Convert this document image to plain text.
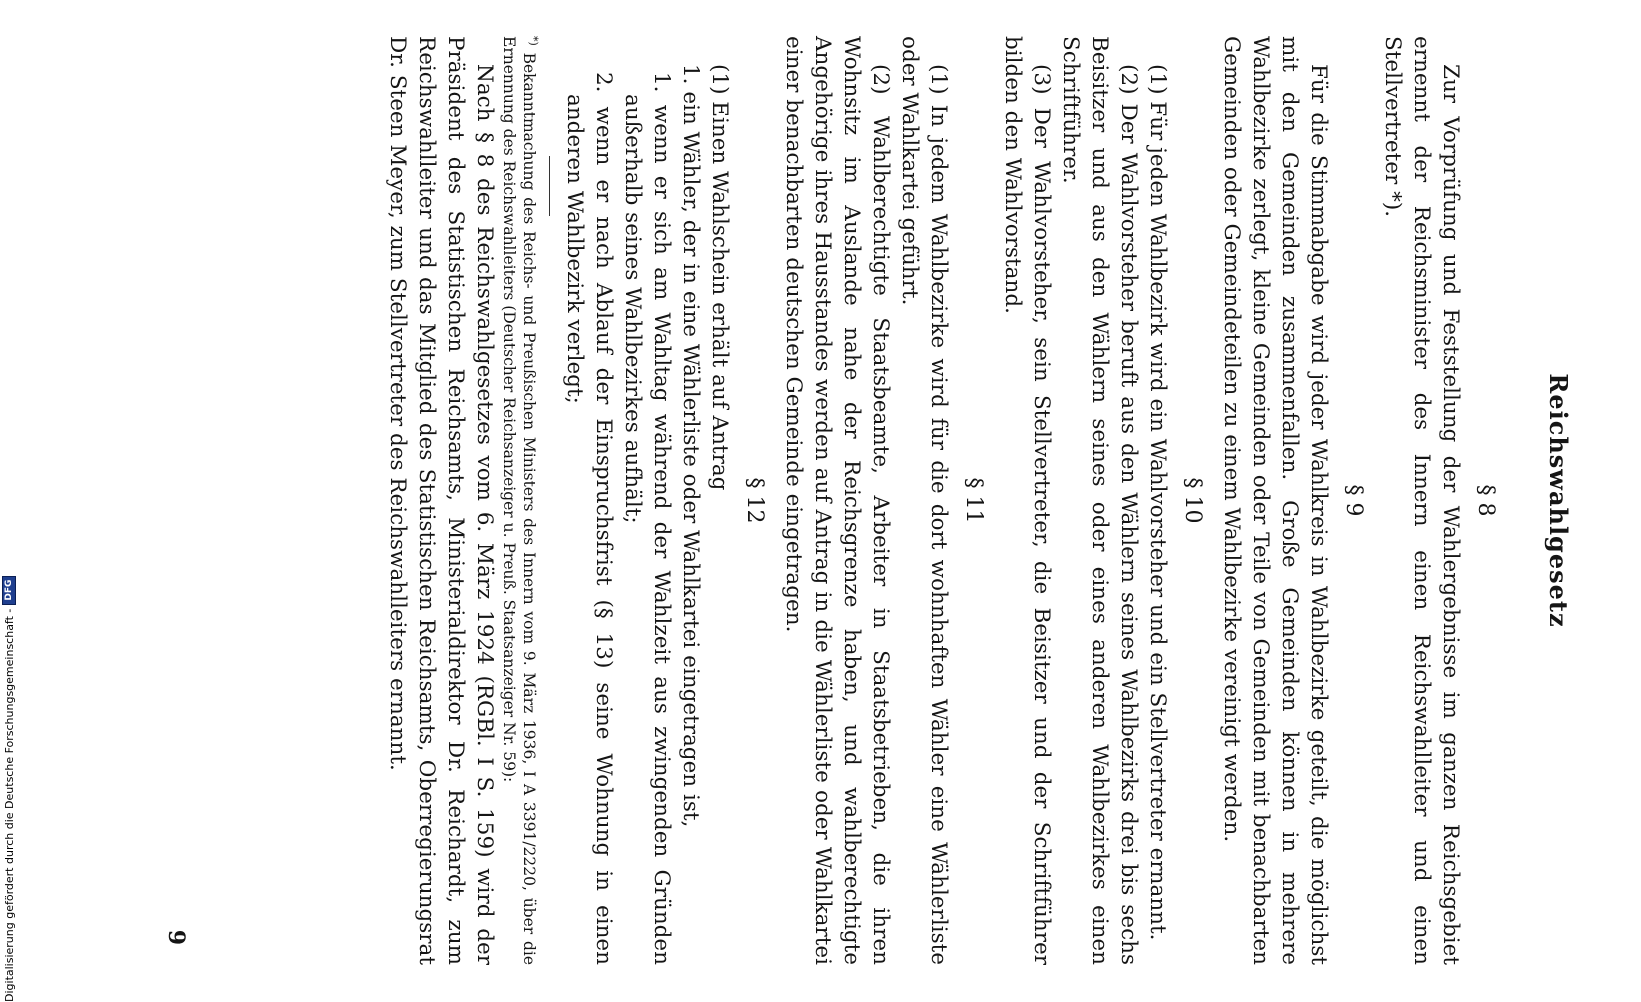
Reichswahlgesetz
§ 8

Zur Vorprüfung und Feststellung der Wahlergebnisse im ganzen Reichsgebiet ernennt der Reichsminister des Innern einen Reichswahlleiter und einen Stellvertreter *).

§ 9

Für die Stimmabgabe wird jeder Wahlkreis in Wahlbezirke geteilt, die möglichst mit den Gemeinden zusammenfallen. Große Gemeinden können in mehrere Wahlbezirke zerlegt, kleine Gemeinden oder Teile von Gemeinden mit benachbarten Gemeinden oder Gemeindeteilen zu einem Wahlbezirke vereinigt werden.

§ 10

(1) Für jeden Wahlbezirk wird ein Wahlvorsteher und ein Stellvertreter ernannt.

(2) Der Wahlvorsteher beruft aus den Wählern seines Wahlbezirks drei bis sechs Beisitzer und aus den Wählern seines oder eines anderen Wahlbezirkes einen Schriftführer.

(3) Der Wahlvorsteher, sein Stellvertreter, die Beisitzer und der Schriftführer bilden den Wahlvorstand.

§ 11

(1) In jedem Wahlbezirke wird für die dort wohnhaften Wähler eine Wählerliste oder Wahlkartei geführt.

(2) Wahlberechtigte Staatsbeamte, Arbeiter in Staatsbetrieben, die ihren Wohnsitz im Auslande nahe der Reichsgrenze haben, und wahlberechtigte Angehörige ihres Hausstandes werden auf Antrag in die Wählerliste oder Wahlkartei einer benachbarten deutschen Gemeinde eingetragen.

§ 12

(1) Einen Wahlschein erhält auf Antrag

1. ein Wähler, der in eine Wählerliste oder Wahlkartei eingetragen ist,

1. wenn er sich am Wahltag während der Wahlzeit aus zwingenden Gründen außerhalb seines Wahlbezirkes aufhält;

2. wenn er nach Ablauf der Einspruchsfrist (§ 13) seine Wohnung in einen anderen Wahlbezirk verlegt;

*) Bekanntmachung des Reichs- und Preußischen Ministers des Innern vom 9. März 1936, I A 3391/2220, über die Ernennung des Reichswahlleiters (Deutscher Reichsanzeiger u. Preuß. Staatsanzeiger Nr. 59):

Nach § 8 des Reichswahlgesetzes vom 6. März 1924 (RGBl. I S. 159) wird der Präsident des Statistischen Reichsamts, Ministerialdirektor Dr. Reichardt, zum Reichswahlleiter und das Mitglied des Statistischen Reichsamts, Oberregierungsrat Dr. Steen Meyer, zum Stellvertreter des Reichswahlleiters ernannt.

9
Digitalisierung gefördert durch die Deutsche Forschungsgemeinschaft -
DFG
